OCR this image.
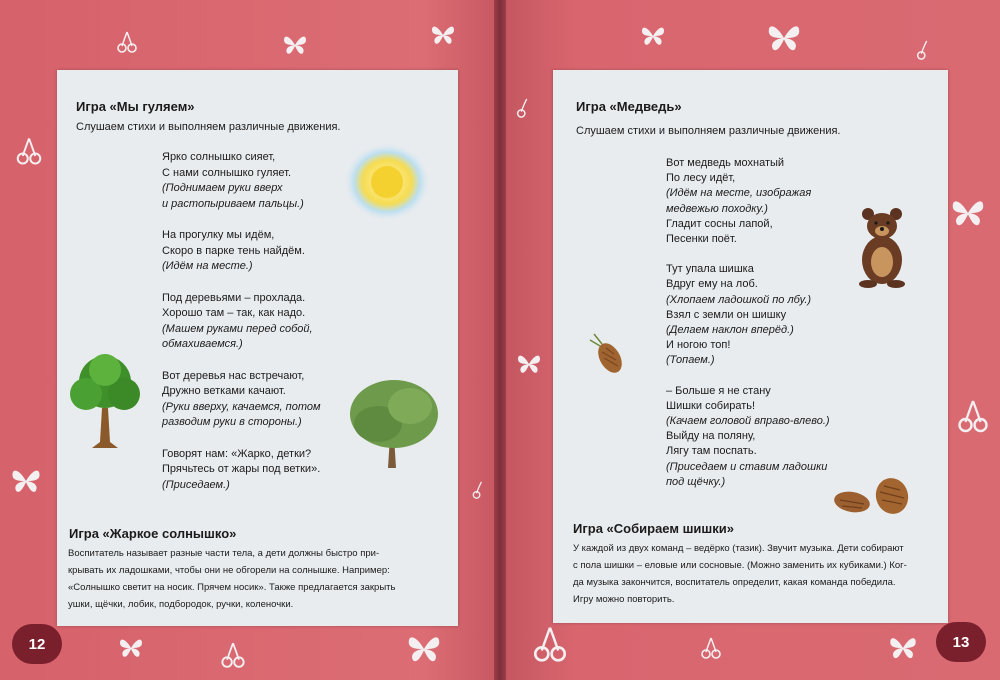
Игра «Мы гуляем»
Слушаем стихи и выполняем различные движения.
Ярко солнышко сияет,
С нами солнышко гуляет.
(Поднимаем руки вверх
и растопыриваем пальцы.)
На прогулку мы идём,
Скоро в парке тень найдём.
(Идём на месте.)
Под деревьями – прохлада.
Хорошо там – так, как надо.
(Машем руками перед собой,
обмахиваемся.)
Вот деревья нас встречают,
Дружно ветками качают.
(Руки вверху, качаемся, потом
разводим руки в стороны.)
Говорят нам: «Жарко, детки?
Прячьтесь от жары под ветки».
(Приседаем.)
Игра «Жаркое солнышко»
Воспитатель называет разные части тела, а дети должны быстро при-
крывать их ладошками, чтобы они не обгорели на солнышке. Например:
«Солнышко светит на носик. Прячем носик». Также предлагается закрыть
ушки, щёчки, лобик, подбородок, ручки, коленочки.
12
Игра «Медведь»
Слушаем стихи и выполняем различные движения.
Вот медведь мохнатый
По лесу идёт,
(Идём на месте, изображая
медвежью походку.)
Гладит сосны лапой,
Песенки поёт.
Тут упала шишка
Вдруг ему на лоб.
(Хлопаем ладошкой по лбу.)
Взял с земли он шишку
(Делаем наклон вперёд.)
И ногою топ!
(Топаем.)
– Больше я не стану
Шишки собирать!
(Качаем головой вправо-влево.)
Выйду на поляну,
Лягу там поспать.
(Приседаем и ставим ладошки
под щёчку.)
Игра «Собираем шишки»
У каждой из двух команд – ведёрко (тазик). Звучит музыка. Дети собирают
с пола шишки – еловые или сосновые. (Можно заменить их кубиками.) Ког-
да музыка закончится, воспитатель определит, какая команда победила.
Игру можно повторить.
13
